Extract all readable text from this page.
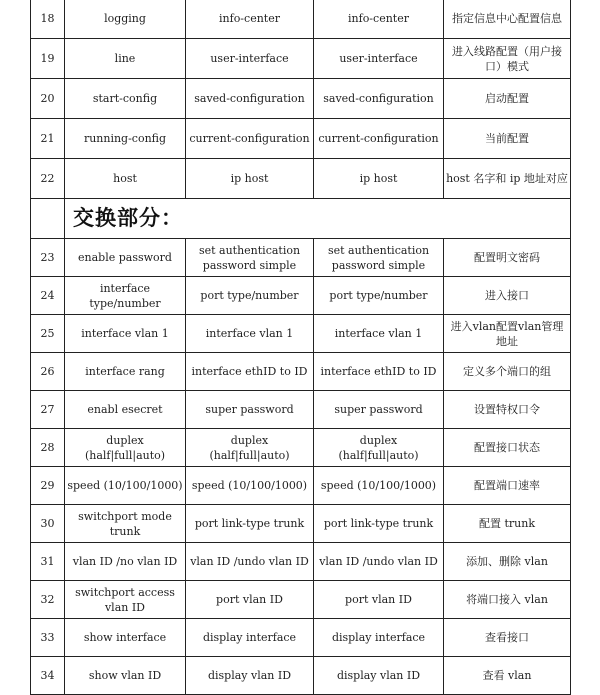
18	logging	info-center	info-center	指定信息中心配置信息
19	line	user-interface	user-interface	进入线路配置（用户接
口）模式
20	start-config	saved-configuration	saved-configuration	启动配置
21	running-config	current-configuration	current-configuration	当前配置
22	host	ip host	ip host	host 名字和 ip 地址对应
	交换部分：			
23	enable password	set authentication
password simple	set authentication
password simple	配置明文密码
24	interface
type/number	port type/number	port type/number	进入接口
25	interface vlan 1	interface vlan 1	interface vlan 1	进入vlan配置vlan管理
地址
26	interface rang	interface ethID to ID	interface ethID to ID	定义多个端口的组
27	enabl esecret	super password	super password	设置特权口令
28	duplex
(half|full|auto)	duplex
(half|full|auto)	duplex
(half|full|auto)	配置接口状态
29	speed (10/100/1000)	speed (10/100/1000)	speed (10/100/1000)	配置端口速率
30	switchport mode
trunk	port link-type trunk	port link-type trunk	配置 trunk
31	vlan ID /no vlan ID	vlan ID /undo vlan ID	vlan ID /undo vlan ID	添加、删除 vlan
32	switchport access
vlan ID	port vlan ID	port vlan ID	将端口接入 vlan
33	show interface	display interface	display interface	查看接口
34	show vlan ID	display vlan ID	display vlan ID	查看 vlan
